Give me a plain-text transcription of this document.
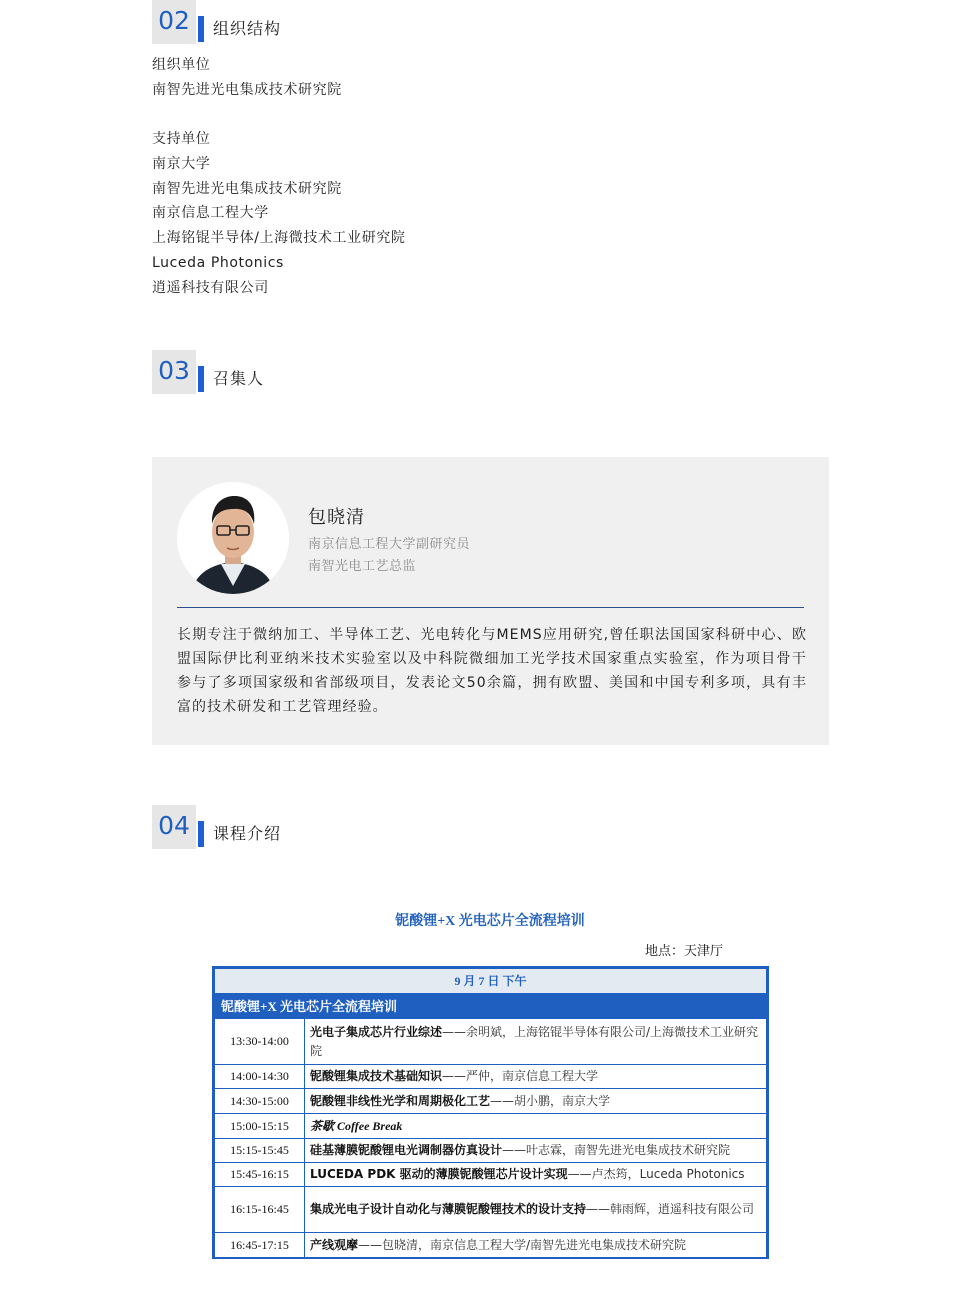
02	组织结构
组织单位
南智先进光电集成技术研究院
支持单位
南京大学
南智先进光电集成技术研究院
南京信息工程大学
上海铭锟半导体/上海微技术工业研究院
Luceda Photonics
逍遥科技有限公司
03	召集人
包晓清
南京信息工程大学副研究员
南智光电工艺总监
长期专注于微纳加工、半导体工艺、光电转化与MEMS应用研究,曾任职法国国家科研中心、欧盟国际伊比利亚纳米技术实验室以及中科院微细加工光学技术国家重点实验室，作为项目骨干参与了多项国家级和省部级项目，发表论文50余篇，拥有欧盟、美国和中国专利多项，具有丰富的技术研发和工艺管理经验。
04	课程介绍
铌酸锂+X 光电芯片全流程培训
地点：天津厅
9 月 7 日 下午	
铌酸锂+X 光电芯片全流程培训	
13:30-14:00	光电子集成芯片行业综述——余明斌，上海铭锟半导体有限公司/上海微技术工业研究院
14:00-14:30	铌酸锂集成技术基础知识——严仲，南京信息工程大学
14:30-15:00	铌酸锂非线性光学和周期极化工艺——胡小鹏，南京大学
15:00-15:15	茶歇 Coffee Break
15:15-15:45	硅基薄膜铌酸锂电光调制器仿真设计——叶志霖，南智先进光电集成技术研究院
15:45-16:15	LUCEDA PDK 驱动的薄膜铌酸锂芯片设计实现——卢杰筠，Luceda Photonics
16:15-16:45	集成光电子设计自动化与薄膜铌酸锂技术的设计支持——韩雨辉，逍遥科技有限公司
16:45-17:15	产线观摩——包晓清，南京信息工程大学/南智先进光电集成技术研究院
